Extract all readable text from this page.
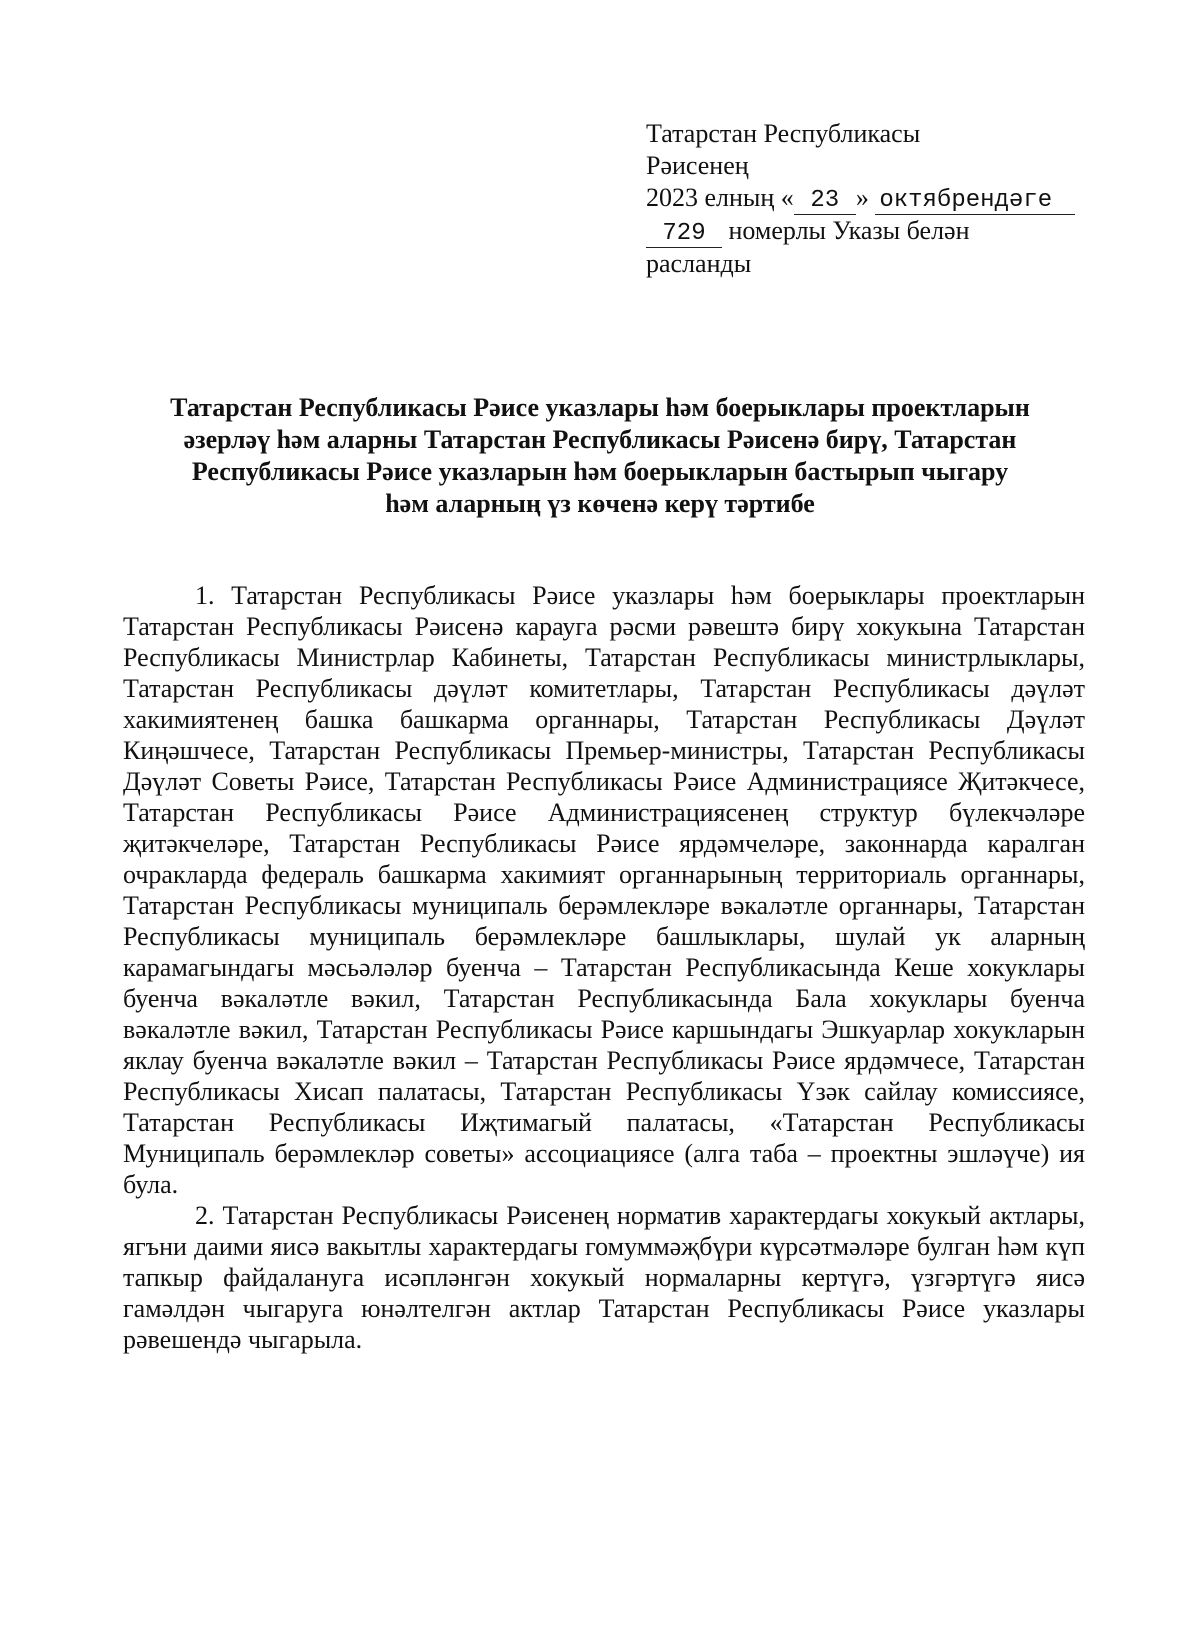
Татарстан Республикасы
Рәисенең
2023 елның « 23 » октябрендәге
729 номерлы Указы белән
расланды
Татарстан Республикасы Рәисе указлары һәм боерыклары проектларын
әзерләү һәм аларны Татарстан Республикасы Рәисенә бирү, Татарстан
Республикасы Рәисе указларын һәм боерыкларын бастырып чыгару
һәм аларның үз көченә керү тәртибе

1. Татарстан Республикасы Рәисе указлары һәм боерыклары проектларын Татарстан Республикасы Рәисенә карауга рәсми рәвештә бирү хокукына Татарстан Республикасы Министрлар Кабинеты, Татарстан Республикасы министрлыклары, Татарстан Республикасы дәүләт комитетлары, Татарстан Республикасы дәүләт хакимиятенең башка башкарма органнары, Татарстан Республикасы Дәүләт Киңәшчесе, Татарстан Республикасы Премьер-министры, Татарстан Республикасы Дәүләт Советы Рәисе, Татарстан Республикасы Рәисе Администрациясе Җитәкчесе, Татарстан Республикасы Рәисе Администрациясенең структур бүлекчәләре җитәкчеләре, Татарстан Республикасы Рәисе ярдәмчеләре, законнарда каралган очракларда федераль башкарма хакимият органнарының территориаль органнары, Татарстан Республикасы муниципаль берәмлекләре вәкаләтле органнары, Татарстан Республикасы муниципаль берәмлекләре башлыклары, шулай ук аларның карамагындагы мәсьәләләр буенча – Татарстан Республикасында Кеше хокуклары буенча вәкаләтле вәкил, Татарстан Республикасында Бала хокуклары буенча вәкаләтле вәкил, Татарстан Республикасы Рәисе каршындагы Эшкуарлар хокукларын яклау буенча вәкаләтле вәкил – Татарстан Республикасы Рәисе ярдәмчесе, Татарстан Республикасы Хисап палатасы, Татарстан Республикасы Үзәк сайлау комиссиясе, Татарстан Республикасы Иҗтимагый палатасы, «Татарстан Республикасы Муниципаль берәмлекләр советы» ассоциациясе (алга таба – проектны эшләүче) ия була.

2. Татарстан Республикасы Рәисенең норматив характердагы хокукый актлары, ягъни даими яисә вакытлы характердагы гомуммәҗбүри күрсәтмәләре булган һәм күп тапкыр файдалануга исәпләнгән хокукый нормаларны кертүгә, үзгәртүгә яисә гамәлдән чыгаруга юнәлтелгән актлар Татарстан Республикасы Рәисе указлары рәвешендә чыгарыла.
